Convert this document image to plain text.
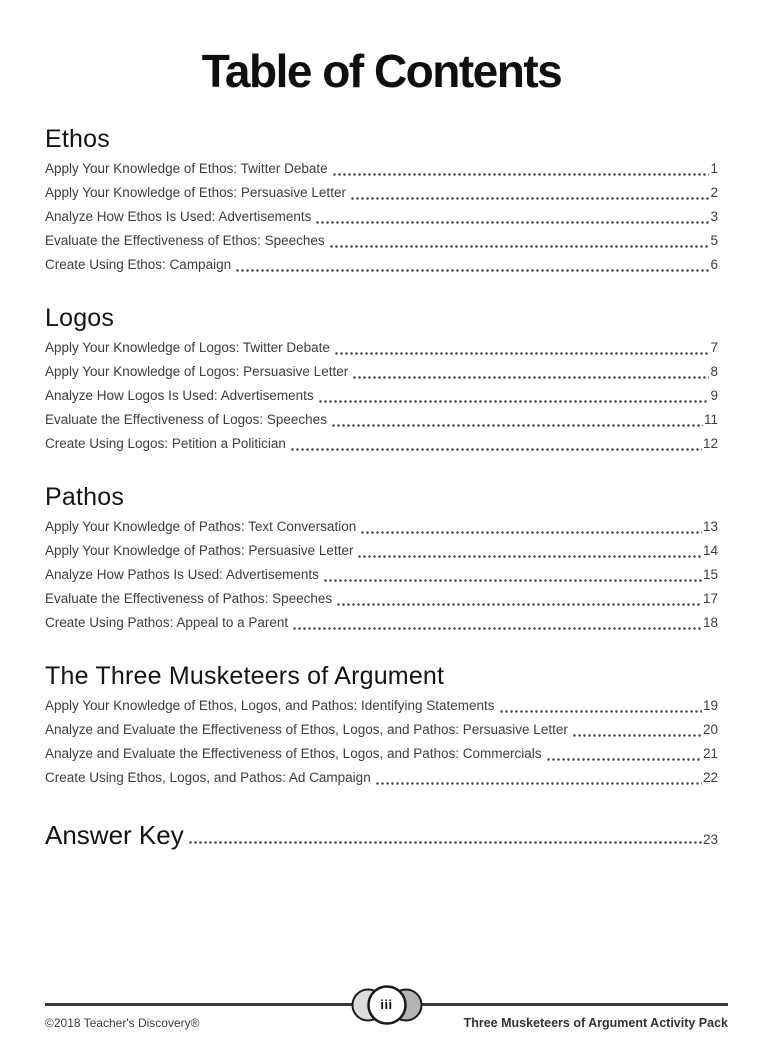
Table of Contents
Ethos
Apply Your Knowledge of Ethos: Twitter Debate	1
Apply Your Knowledge of Ethos: Persuasive Letter	2
Analyze How Ethos Is Used: Advertisements	3
Evaluate the Effectiveness of Ethos: Speeches	5
Create Using Ethos: Campaign	6
Logos
Apply Your Knowledge of Logos: Twitter Debate	7
Apply Your Knowledge of Logos: Persuasive Letter	8
Analyze How Logos Is Used: Advertisements	9
Evaluate the Effectiveness of Logos: Speeches	11
Create Using Logos: Petition a Politician	12
Pathos
Apply Your Knowledge of Pathos: Text Conversation	13
Apply Your Knowledge of Pathos: Persuasive Letter	14
Analyze How Pathos Is Used: Advertisements	15
Evaluate the Effectiveness of Pathos: Speeches	17
Create Using Pathos: Appeal to a Parent	18
The Three Musketeers of Argument
Apply Your Knowledge of Ethos, Logos, and Pathos: Identifying Statements	19
Analyze and Evaluate the Effectiveness of Ethos, Logos, and Pathos: Persuasive Letter	20
Analyze and Evaluate the Effectiveness of Ethos, Logos, and Pathos: Commercials	21
Create Using Ethos, Logos, and Pathos: Ad Campaign	22
Answer Key	23
iii
©2018 Teacher's Discovery®	Three Musketeers of Argument Activity Pack
